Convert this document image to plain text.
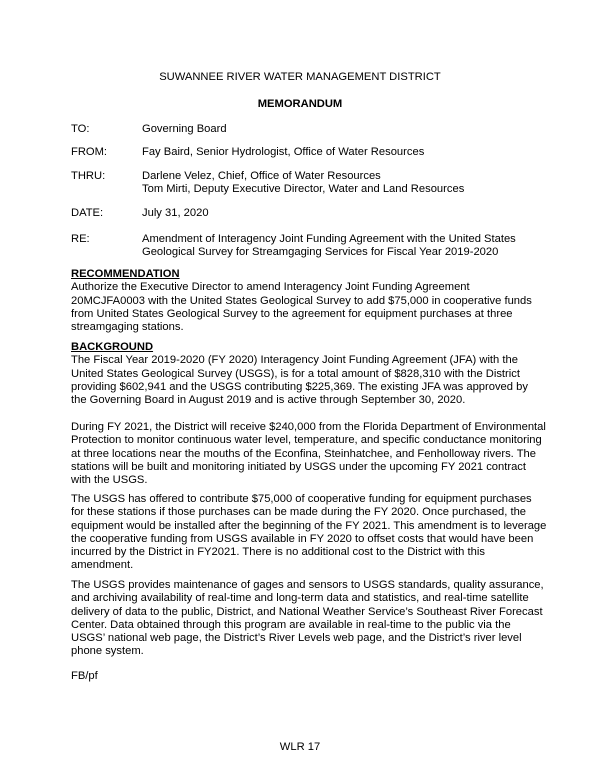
SUWANNEE RIVER WATER MANAGEMENT DISTRICT
MEMORANDUM
TO:	Governing Board
FROM:	Fay Baird, Senior Hydrologist, Office of Water Resources
THRU:	Darlene Velez, Chief, Office of Water Resources
Tom Mirti, Deputy Executive Director, Water and Land Resources
DATE:	July 31, 2020
RE:	Amendment of Interagency Joint Funding Agreement with the United States
Geological Survey for Streamgaging Services for Fiscal Year 2019-2020
RECOMMENDATION
Authorize the Executive Director to amend Interagency Joint Funding Agreement
20MCJFA0003 with the United States Geological Survey to add $75,000 in cooperative funds
from United States Geological Survey to the agreement for equipment purchases at three
streamgaging stations.
BACKGROUND
The Fiscal Year 2019-2020 (FY 2020) Interagency Joint Funding Agreement (JFA) with the
United States Geological Survey (USGS), is for a total amount of $828,310 with the District
providing $602,941 and the USGS contributing $225,369. The existing JFA was approved by
the Governing Board in August 2019 and is active through September 30, 2020.
During FY 2021, the District will receive $240,000 from the Florida Department of Environmental
Protection to monitor continuous water level, temperature, and specific conductance monitoring
at three locations near the mouths of the Econfina, Steinhatchee, and Fenholloway rivers. The
stations will be built and monitoring initiated by USGS under the upcoming FY 2021 contract
with the USGS.
The USGS has offered to contribute $75,000 of cooperative funding for equipment purchases
for these stations if those purchases can be made during the FY 2020. Once purchased, the
equipment would be installed after the beginning of the FY 2021. This amendment is to leverage
the cooperative funding from USGS available in FY 2020 to offset costs that would have been
incurred by the District in FY2021. There is no additional cost to the District with this
amendment.
The USGS provides maintenance of gages and sensors to USGS standards, quality assurance,
and archiving availability of real-time and long-term data and statistics, and real-time satellite
delivery of data to the public, District, and National Weather Service’s Southeast River Forecast
Center. Data obtained through this program are available in real-time to the public via the
USGS’ national web page, the District’s River Levels web page, and the District’s river level
phone system.
FB/pf
WLR 17
